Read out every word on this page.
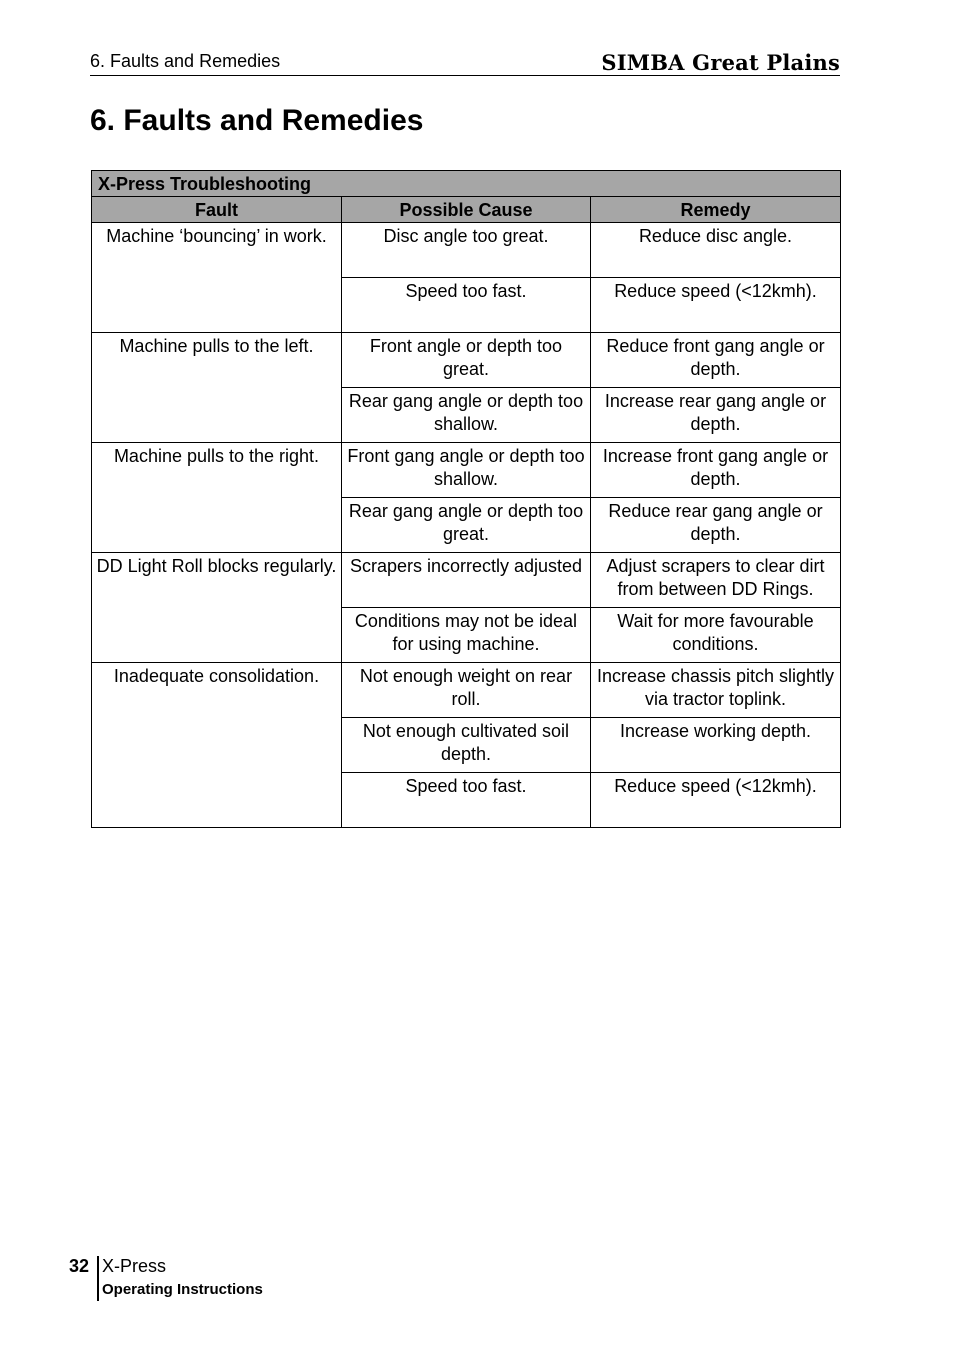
6. Faults and Remedies	SIMBA Great Plains
6. Faults and Remedies
X-Press Troubleshooting		
Fault	Possible Cause	Remedy
Machine ‘bouncing’ in work.	Disc angle too great.	Reduce disc angle.
	Speed too fast.	Reduce speed (<12kmh).
Machine pulls to the left.	Front angle or depth too great.	Reduce front gang angle or depth.
	Rear gang angle or depth too shallow.	Increase rear gang angle or depth.
Machine pulls to the right.	Front gang angle or depth too shallow.	Increase front gang angle or depth.
	Rear gang angle or depth too great.	Reduce rear gang angle or depth.
DD Light Roll blocks regularly.	Scrapers incorrectly adjusted	Adjust scrapers to clear dirt from between DD Rings.
	Conditions may not be ideal for using machine.	Wait for more favourable conditions.
Inadequate consolidation.	Not enough weight on rear roll.	Increase chassis pitch slightly via tractor toplink.
	Not enough cultivated soil depth.	Increase working depth.
	Speed too fast.	Reduce speed (<12kmh).
32 X-Press
Operating Instructions
